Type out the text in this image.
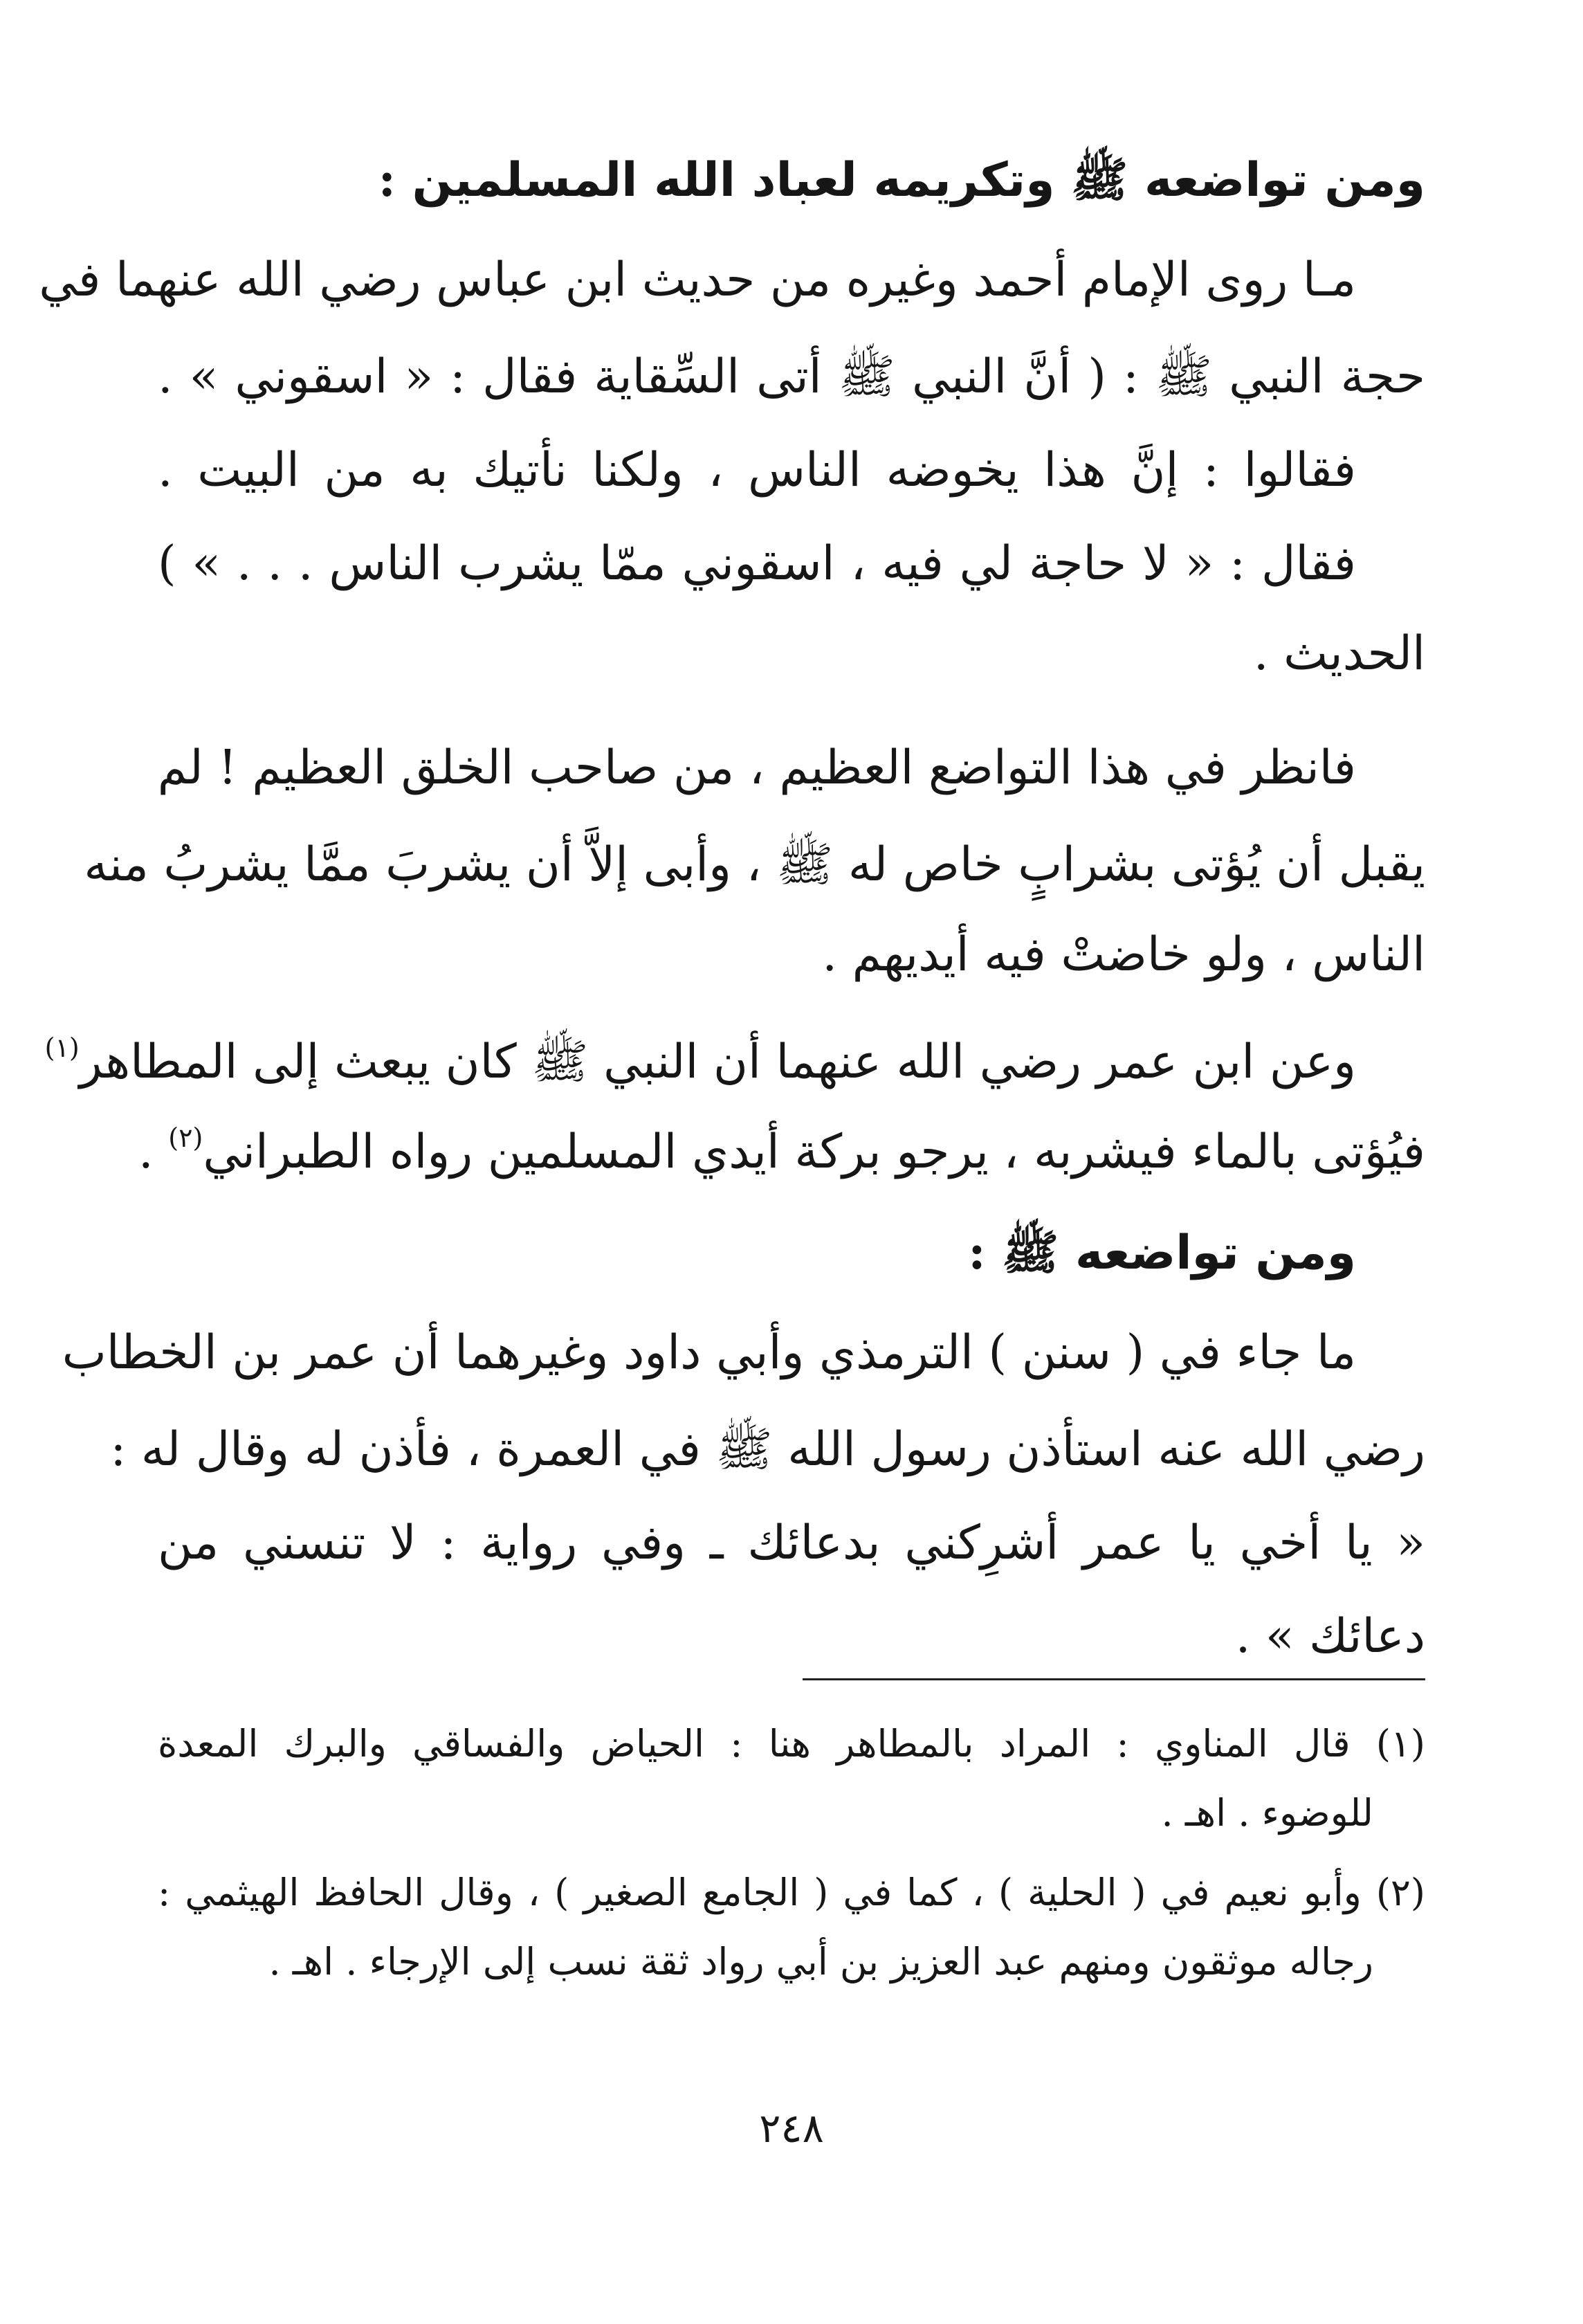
ومن تواضعه ﷺ وتكريمه لعباد الله المسلمين :
مـا روى الإمام أحمد وغيره من حديث ابن عباس رضي الله عنهما في
حجة النبي ﷺ : ( أنَّ النبي ﷺ أتى السِّقاية فقال : « اسقوني » .
فقالوا : إنَّ هذا يخوضه الناس ، ولكنا نأتيك به من البيت .
فقال : « لا حاجة لي فيه ، اسقوني ممّا يشرب الناس . . . » )
الحديث .
فانظر في هذا التواضع العظيم ، من صاحب الخلق العظيم ! لم
يقبل أن يُؤتى بشرابٍ خاص له ﷺ ، وأبى إلاَّ أن يشربَ ممَّا يشربُ منه
الناس ، ولو خاضتْ فيه أيديهم .
وعن ابن عمر رضي الله عنهما أن النبي ﷺ كان يبعث إلى المطاهر$^{(١)}$
فيُؤتى بالماء فيشربه ، يرجو بركة أيدي المسلمين رواه الطبراني$^{(٢)}$ .
ومن تواضعه ﷺ :
ما جاء في ( سنن ) الترمذي وأبي داود وغيرهما أن عمر بن الخطاب
رضي الله عنه استأذن رسول الله ﷺ في العمرة ، فأذن له وقال له :
« يا أخي يا عمر أشرِكني بدعائك ـ وفي رواية : لا تنسني من
دعائك » .
(١) قال المناوي : المراد بالمطاهر هنا : الحياض والفساقي والبرك المعدة
للوضوء . اهـ .
(٢) وأبو نعيم في ( الحلية ) ، كما في ( الجامع الصغير ) ، وقال الحافظ الهيثمي :
رجاله موثقون ومنهم عبد العزيز بن أبي رواد ثقة نسب إلى الإرجاء . اهـ .
٢٤٨
